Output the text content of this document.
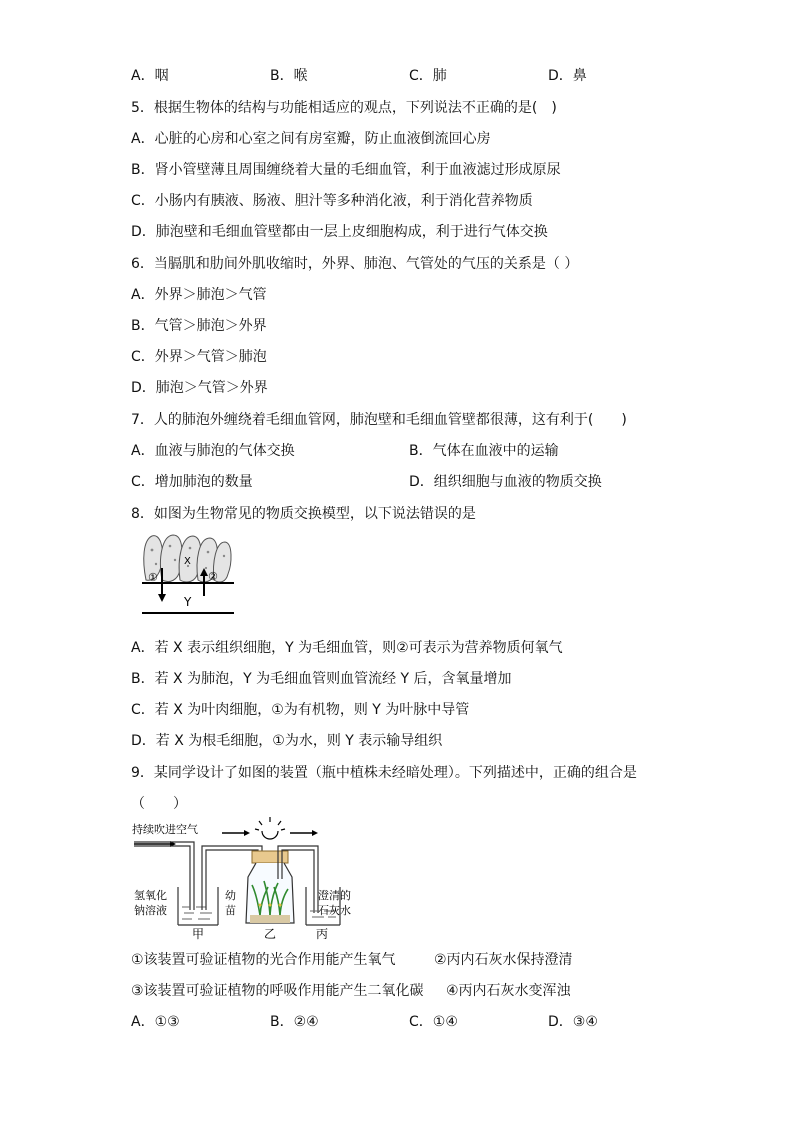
A．咽	B．喉	C．肺	D．鼻
5．根据生物体的结构与功能相适应的观点，下列说法不正确的是(　)
A．心脏的心房和心室之间有房室瓣，防止血液倒流回心房
B．肾小管壁薄且周围缠绕着大量的毛细血管，利于血液滤过形成原尿
C．小肠内有胰液、肠液、胆汁等多种消化液，利于消化营养物质
D．肺泡壁和毛细血管壁都由一层上皮细胞构成，利于进行气体交换
6．当膈肌和肋间外肌收缩时，外界、肺泡、气管处的气压的关系是（ ）
A．外界＞肺泡＞气管
B．气管＞肺泡＞外界
C．外界＞气管＞肺泡
D．肺泡＞气管＞外界
7．人的肺泡外缠绕着毛细血管网，肺泡壁和毛细血管壁都很薄，这有利于(　　)
A．血液与肺泡的气体交换	B．气体在血液中的运输
C．增加肺泡的数量	D．组织细胞与血液的物质交换
8．如图为生物常见的物质交换模型，以下说法错误的是
①
X
②
Y
A．若 X 表示组织细胞，Y 为毛细血管，则②可表示为营养物质何氧气
B．若 X 为肺泡，Y 为毛细血管则血管流经 Y 后，含氧量增加
C．若 X 为叶肉细胞，①为有机物，则 Y 为叶脉中导管
D．若 X 为根毛细胞，①为水，则 Y 表示输导组织
9．某同学设计了如图的装置（瓶中植株未经暗处理）。下列描述中，正确的组合是
（　　）
持续吹进空气
氢氧化
钠溶液
幼
苗
澄清的
石灰水
甲	乙	丙
①该装置可验证植物的光合作用能产生氧气	②丙内石灰水保持澄清
③该装置可验证植物的呼吸作用能产生二氧化碳 ④丙内石灰水变浑浊
A．①③	B．②④	C．①④	D．③④
